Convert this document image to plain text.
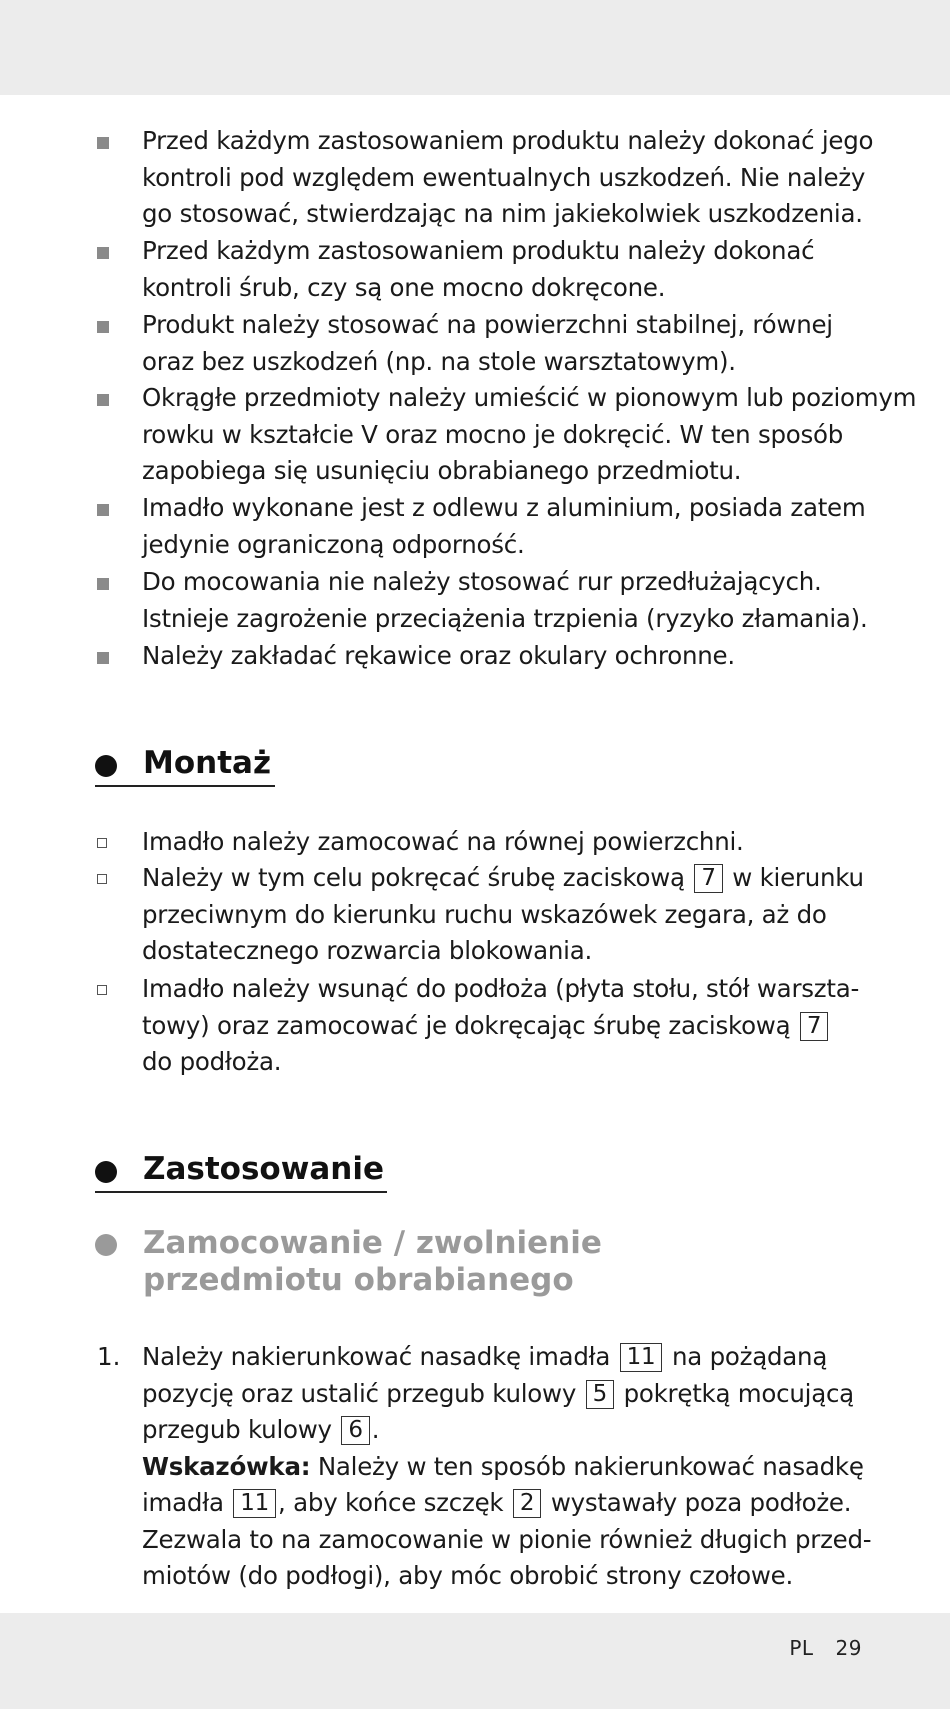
Przed każdym zastosowaniem produktu należy dokonać jego
kontroli pod względem ewentualnych uszkodzeń. Nie należy
go stosować, stwierdzając na nim jakiekolwiek uszkodzenia.
Przed każdym zastosowaniem produktu należy dokonać
kontroli śrub, czy są one mocno dokręcone.
Produkt należy stosować na powierzchni stabilnej, równej
oraz bez uszkodzeń (np. na stole warsztatowym).
Okrągłe przedmioty należy umieścić w pionowym lub poziomym
rowku w kształcie V oraz mocno je dokręcić. W ten sposób
zapobiega się usunięciu obrabianego przedmiotu.
Imadło wykonane jest z odlewu z aluminium, posiada zatem
jedynie ograniczoną odporność.
Do mocowania nie należy stosować rur przedłużających.
Istnieje zagrożenie przeciążenia trzpienia (ryzyko złamania).
Należy zakładać rękawice oraz okulary ochronne.
Montaż
Imadło należy zamocować na równej powierzchni.
Należy w tym celu pokręcać śrubę zaciskową 7 w kierunku
przeciwnym do kierunku ruchu wskazówek zegara, aż do
dostatecznego rozwarcia blokowania.
Imadło należy wsunąć do podłoża (płyta stołu, stół warszta-
towy) oraz zamocować je dokręcając śrubę zaciskową 7
do podłoża.
Zastosowanie
Zamocowanie / zwolnienie
przedmiotu obrabianego
1. Należy nakierunkować nasadkę imadła 11 na pożądaną
pozycję oraz ustalić przegub kulowy 5 pokrętką mocującą
przegub kulowy 6 .
Wskazówka: Należy w ten sposób nakierunkować nasadkę
imadła 11 , aby końce szczęk 2 wystawały poza podłoże.
Zezwala to na zamocowanie w pionie również długich przed-
miotów (do podłogi), aby móc obrobić strony czołowe.
PL 29
